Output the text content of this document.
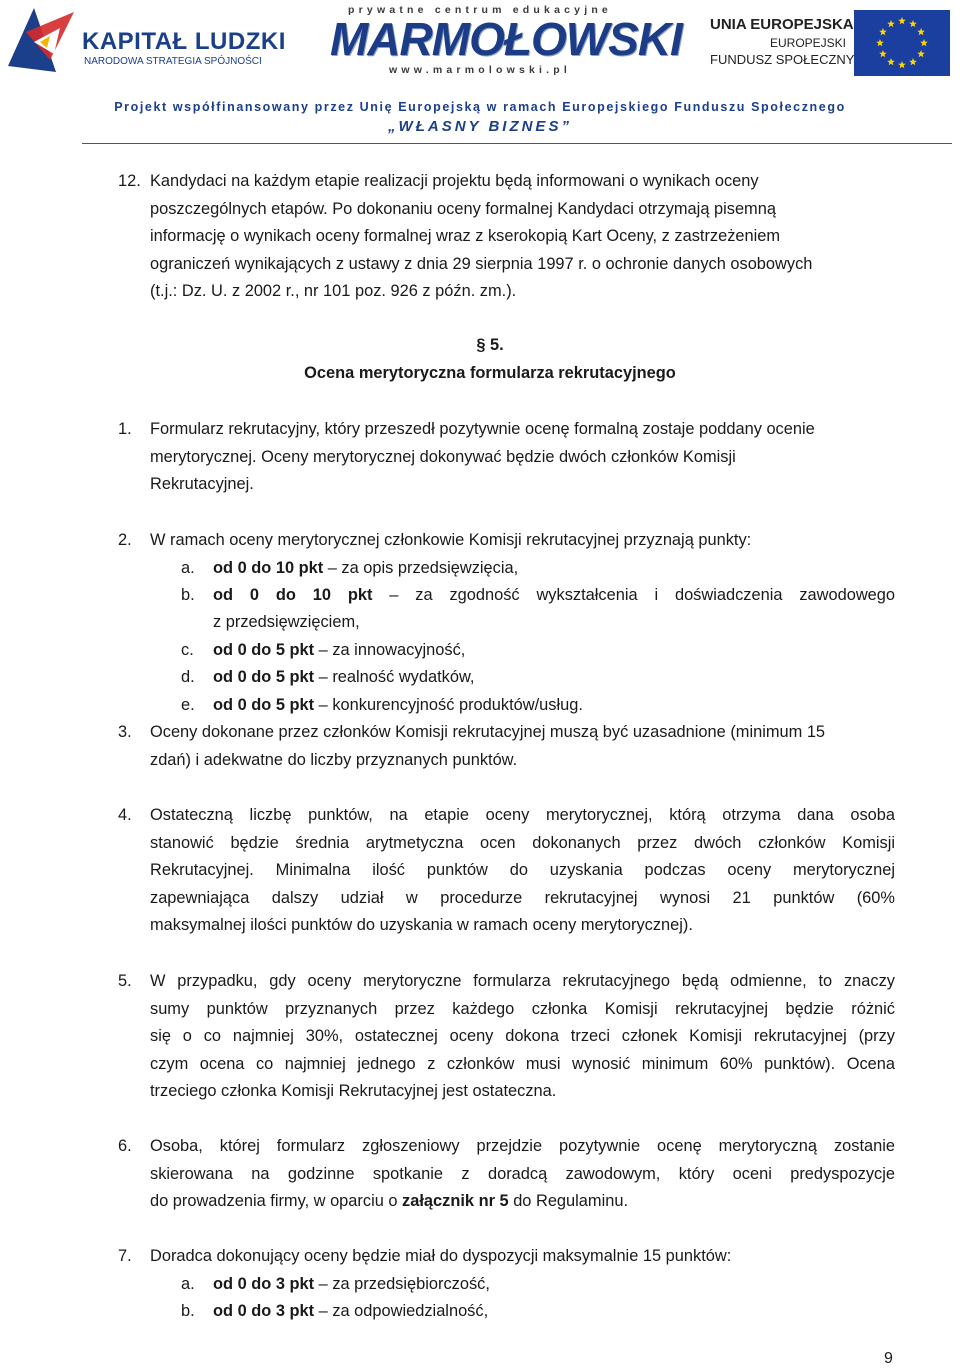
KAPITAŁ LUDZKI
NARODOWA STRATEGIA SPÓJNOŚCI
prywatne centrum edukacyjne
MARMOŁOWSKI
www.marmolowski.pl
UNIA EUROPEJSKA
EUROPEJSKI
FUNDUSZ SPOŁECZNY
Projekt współfinansowany przez Unię Europejską w ramach Europejskiego Funduszu Społecznego
„WŁASNY BIZNES”
12. Kandydaci na każdym etapie realizacji projektu będą informowani o wynikach oceny
poszczególnych etapów. Po dokonaniu oceny formalnej Kandydaci otrzymają pisemną
informację o wynikach oceny formalnej wraz z kserokopią Kart Oceny, z zastrzeżeniem
ograniczeń wynikających z ustawy z dnia 29 sierpnia 1997 r. o ochronie danych osobowych
(t.j.: Dz. U. z 2002 r., nr 101 poz. 926 z późn. zm.).
§ 5.
Ocena merytoryczna formularza rekrutacyjnego
1. Formularz rekrutacyjny, który przeszedł pozytywnie ocenę formalną zostaje poddany ocenie
merytorycznej. Oceny merytorycznej dokonywać będzie dwóch członków Komisji
Rekrutacyjnej.
2. W ramach oceny merytorycznej członkowie Komisji rekrutacyjnej przyznają punkty:
a. od 0 do 10 pkt – za opis przedsięwzięcia,
b. od 0 do 10 pkt – za zgodność wykształcenia i doświadczenia zawodowego
z przedsięwzięciem,
c. od 0 do 5 pkt – za innowacyjność,
d. od 0 do 5 pkt – realność wydatków,
e. od 0 do 5 pkt – konkurencyjność produktów/usług.
3. Oceny dokonane przez członków Komisji rekrutacyjnej muszą być uzasadnione (minimum 15
zdań) i adekwatne do liczby przyznanych punktów.
4. Ostateczną liczbę punktów, na etapie oceny merytorycznej, którą otrzyma dana osoba
stanowić będzie średnia arytmetyczna ocen dokonanych przez dwóch członków Komisji
Rekrutacyjnej. Minimalna ilość punktów do uzyskania podczas oceny merytorycznej
zapewniająca dalszy udział w procedurze rekrutacyjnej wynosi 21 punktów (60%
maksymalnej ilości punktów do uzyskania w ramach oceny merytorycznej).
5. W przypadku, gdy oceny merytoryczne formularza rekrutacyjnego będą odmienne, to znaczy
sumy punktów przyznanych przez każdego członka Komisji rekrutacyjnej będzie różnić
się o co najmniej 30%, ostatecznej oceny dokona trzeci członek Komisji rekrutacyjnej (przy
czym ocena co najmniej jednego z członków musi wynosić minimum 60% punktów). Ocena
trzeciego członka Komisji Rekrutacyjnej jest ostateczna.
6. Osoba, której formularz zgłoszeniowy przejdzie pozytywnie ocenę merytoryczną zostanie
skierowana na godzinne spotkanie z doradcą zawodowym, który oceni predyspozycje
do prowadzenia firmy, w oparciu o załącznik nr 5 do Regulaminu.
7. Doradca dokonujący oceny będzie miał do dyspozycji maksymalnie 15 punktów:
a. od 0 do 3 pkt – za przedsiębiorczość,
b. od 0 do 3 pkt – za odpowiedzialność,
9
